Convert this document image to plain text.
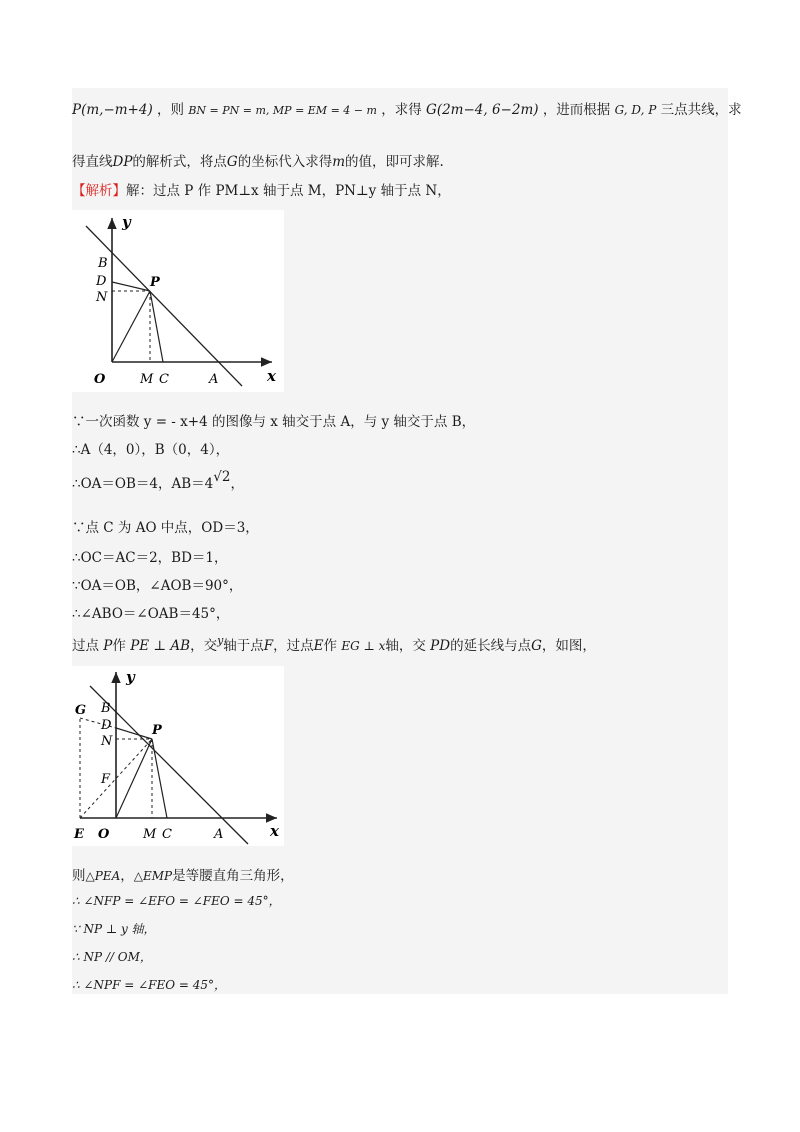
P(m,−m+4) ，则 BN = PN = m, MP = EM = 4 − m ，求得 G(2m−4, 6−2m) ，进而根据 G, D, P 三点共线，求
得直线DP的解析式，将点G的坐标代入求得m的值，即可求解.
【解析】解：过点 P 作 PM⊥x 轴于点 M，PN⊥y 轴于点 N，
y
x
B
D
N
P
O	M C	A
∵一次函数 y = - x+4 的图像与 x 轴交于点 A，与 y 轴交于点 B，
∴A（4，0），B（0，4），
∴OA＝OB＝4，AB＝4√2，
∵点 C 为 AO 中点，OD＝3，
∴OC＝AC＝2，BD＝1，
∵OA＝OB，∠AOB＝90°，
∴∠ABO＝∠OAB＝45°，
过点 P作 PE ⊥ AB，交$^y$轴于点F，过点E作 EG ⊥ x轴，交 PD的延长线与点G，如图，
y
x
G B
D
N
P
F
E O	M C	A
则△PEA，△EMP是等腰直角三角形，
∴ ∠NFP = ∠EFO = ∠FEO = 45°，
∵ NP ⊥ y 轴，
∴ NP // OM，
∴ ∠NPF = ∠FEO = 45°，
